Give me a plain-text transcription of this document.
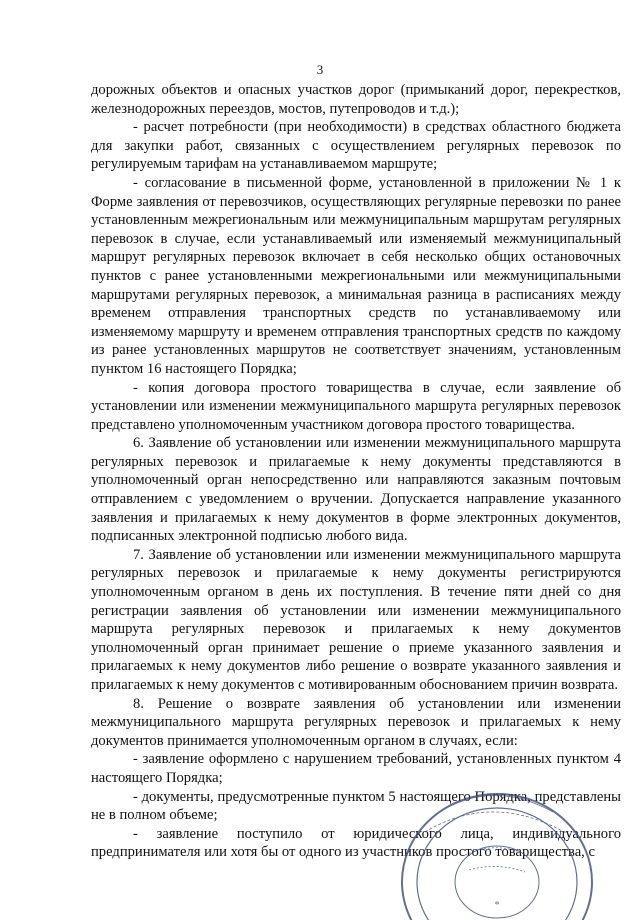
3

дорожных объектов и опасных участков дорог (примыканий дорог, перекрестков, железнодорожных переездов, мостов, путепроводов и т.д.);

- расчет потребности (при необходимости) в средствах областного бюджета для закупки работ, связанных с осуществлением регулярных перевозок по регулируемым тарифам на устанавливаемом маршруте;

- согласование в письменной форме, установленной в приложении № 1 к Форме заявления от перевозчиков, осуществляющих регулярные перевозки по ранее установленным межрегиональным или межмуниципальным маршрутам регулярных перевозок в случае, если устанавливаемый или изменяемый межмуниципальный маршрут регулярных перевозок включает в себя несколько общих остановочных пунктов с ранее установленными межрегиональными или межмуниципальными маршрутами регулярных перевозок, а минимальная разница в расписаниях между временем отправления транспортных средств по устанавливаемому или изменяемому маршруту и временем отправления транспортных средств по каждому из ранее установленных маршрутов не соответствует значениям, установленным пунктом 16 настоящего Порядка;

- копия договора простого товарищества в случае, если заявление об установлении или изменении межмуниципального маршрута регулярных перевозок представлено уполномоченным участником договора простого товарищества.

6. Заявление об установлении или изменении межмуниципального маршрута регулярных перевозок и прилагаемые к нему документы представляются в уполномоченный орган непосредственно или направляются заказным почтовым отправлением с уведомлением о вручении. Допускается направление указанного заявления и прилагаемых к нему документов в форме электронных документов, подписанных электронной подписью любого вида.

7. Заявление об установлении или изменении межмуниципального маршрута регулярных перевозок и прилагаемые к нему документы регистрируются уполномоченным органом в день их поступления. В течение пяти дней со дня регистрации заявления об установлении или изменении межмуниципального маршрута регулярных перевозок и прилагаемых к нему документов уполномоченный орган принимает решение о приеме указанного заявления и прилагаемых к нему документов либо решение о возврате указанного заявления и прилагаемых к нему документов с мотивированным обоснованием причин возврата.

8. Решение о возврате заявления об установлении или изменении межмуниципального маршрута регулярных перевозок и прилагаемых к нему документов принимается уполномоченным органом в случаях, если:

- заявление оформлено с нарушением требований, установленных пунктом 4 настоящего Порядка;

- документы, предусмотренные пунктом 5 настоящего Порядка, представлены не в полном объеме;

- заявление поступило от юридического лица, индивидуального предпринимателя или хотя бы от одного из участников простого товарищества, с

*
